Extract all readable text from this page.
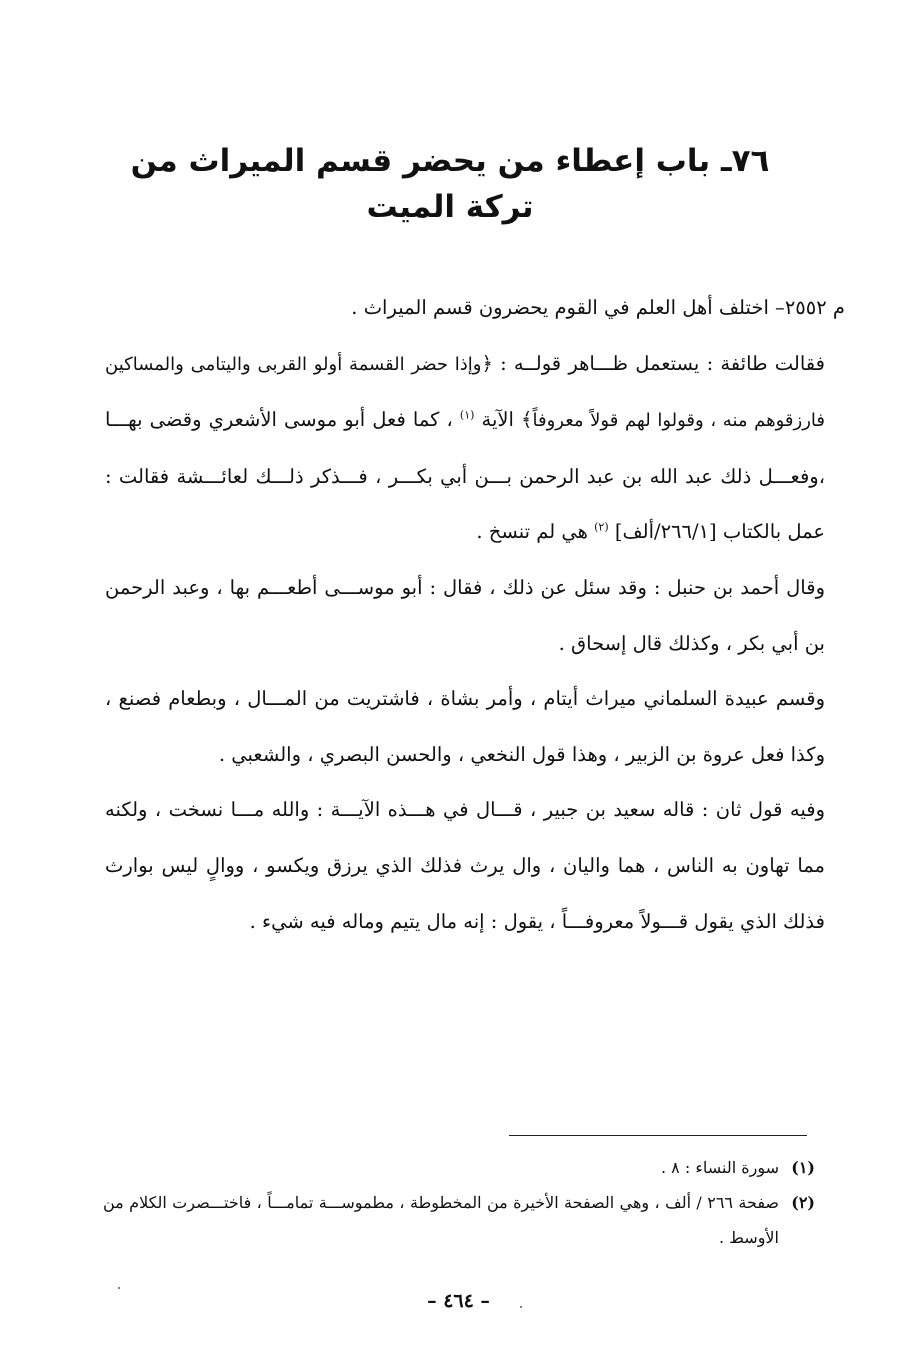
٧٦ـ باب إعطاء من يحضر قسم الميراث من تركة الميت

م ٢٥٥٢– اختلف أهل العلم في القوم يحضرون قسم الميراث .

فقالت طائفة : يستعمل ظـــاهر قولــه : ﴿وإذا حضر القسمة أولو القربى واليتامى والمساكين فارزقوهم منه ، وقولوا لهم قولاً معروفاً﴾ الآية $^{(١)}$ ، كما فعل أبو موسى الأشعري وقضى بهـــا ،وفعـــل ذلك عبد الله بن عبد الرحمن بـــن أبي بكـــر ، فـــذكر ذلـــك لعائـــشة فقالت : عمل بالكتاب [٢٦٦/١/ألف] $^{(٢)}$ هي لم تنسخ .

وقال أحمد بن حنبل : وقد سئل عن ذلك ، فقال : أبو موســـى أطعـــم بها ، وعبد الرحمن بن أبي بكر ، وكذلك قال إسحاق .

وقسم عبيدة السلماني ميراث أيتام ، وأمر بشاة ، فاشتريت من المـــال ، وبطعام فصنع ، وكذا فعل عروة بن الزبير ، وهذا قول النخعي ، والحسن البصري ، والشعبي .

وفيه قول ثان : قاله سعيد بن جبير ، قـــال في هـــذه الآيـــة : والله مـــا نسخت ، ولكنه مما تهاون به الناس ، هما واليان ، وال يرث فذلك الذي يرزق ويكسو ، ووالٍ ليس بوارث فذلك الذي يقول قـــولاً معروفـــاً ، يقول : إنه مال يتيم وماله فيه شيء .

(١)
سورة النساء : ٨ .

(٢)
صفحة ٢٦٦ / ألف ، وهي الصفحة الأخيرة من المخطوطة ، مطموســـة تمامـــاً ، فاختـــصرت الكلام من الأوسط .

– ٤٦٤ –
